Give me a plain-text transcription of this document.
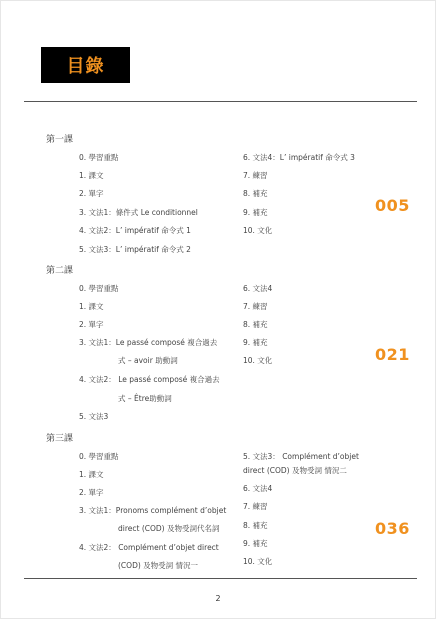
目錄
第一課
0. 學習重點
1. 課文
2. 單字
3. 文法1：條件式 Le conditionnel
4. 文法2：L’ impératif 命令式 1
5. 文法3：L’ impératif 命令式 2
6. 文法4：L’ impératif 命令式 3
7. 練習
8. 補充
9. 補充
10. 文化
005
第二課
0. 學習重點
1. 課文
2. 單字
3. 文法1：Le passé composé 複合過去
式 – avoir 助動詞
4. 文法2： Le passé composé 複合過去
式 – Être助動詞
5. 文法3
6. 文法4
7. 練習
8. 補充
9. 補充
10. 文化	021
第三課
0. 學習重點
1. 課文
2. 單字
3. 文法1：Pronoms complément d’objet
direct (COD) 及物受詞代名詞
4. 文法2： Complément d’objet direct
(COD) 及物受詞 情況一
5. 文法3： Complément d’objet
direct (COD) 及物受詞 情況二
6. 文法4
7. 練習
8. 補充
9. 補充
10. 文化
036
2
